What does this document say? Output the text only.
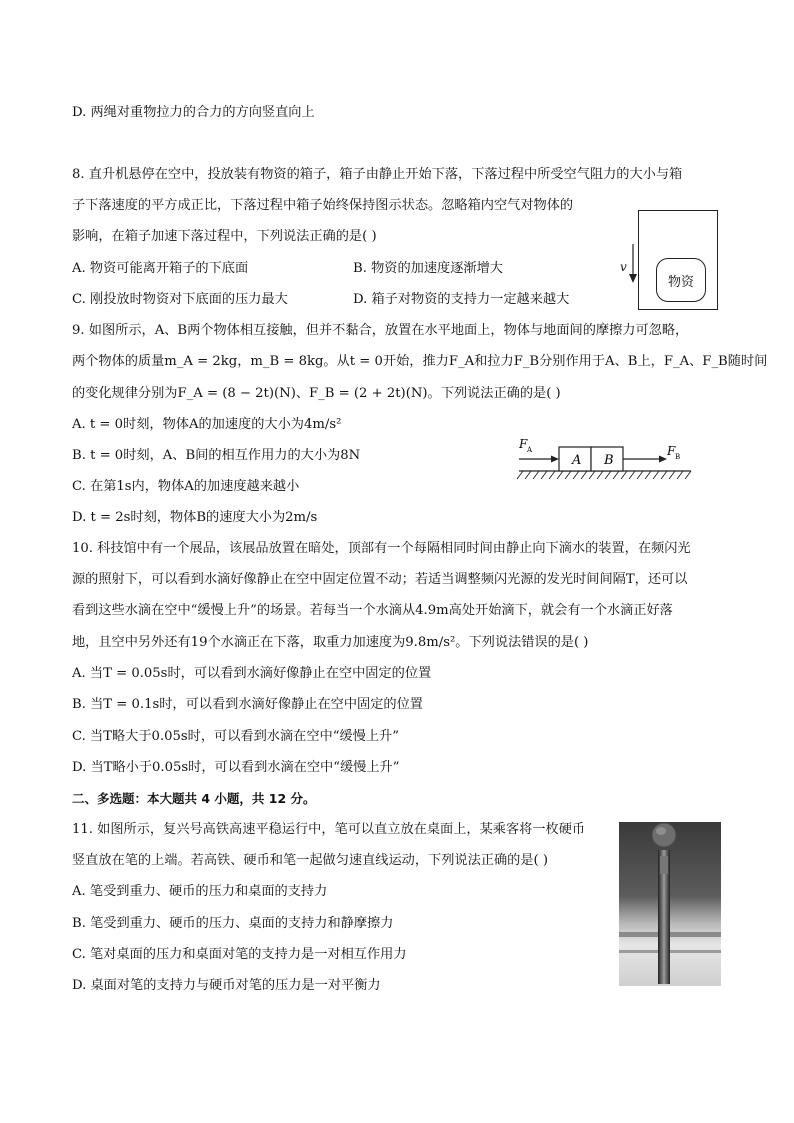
D. 两绳对重物拉力的合力的方向竖直向上
8. 直升机悬停在空中，投放装有物资的箱子，箱子由静止开始下落，下落过程中所受空气阻力的大小与箱
子下落速度的平方成正比，下落过程中箱子始终保持图示状态。忽略箱内空气对物体的
影响，在箱子加速下落过程中，下列说法正确的是( )
A. 物资可能离开箱子的下底面	B. 物资的加速度逐渐增大
C. 刚投放时物资对下底面的压力最大	D. 箱子对物资的支持力一定越来越大
物资
v
9. 如图所示，A、B两个物体相互接触，但并不黏合，放置在水平地面上，物体与地面间的摩擦力可忽略，
两个物体的质量m_A = 2kg，m_B = 8kg。从t = 0开始，推力F_A和拉力F_B分别作用于A、B上，F_A、F_B随时间
的变化规律分别为F_A = (8 − 2t)(N)、F_B = (2 + 2t)(N)。下列说法正确的是( )
A. t = 0时刻，物体A的加速度的大小为4m/s²
B. t = 0时刻，A、B间的相互作用力的大小为8N
C. 在第1s内，物体A的加速度越来越小
D. t = 2s时刻，物体B的速度大小为2m/s
A B
F A	F B
10. 科技馆中有一个展品，该展品放置在暗处，顶部有一个每隔相同时间由静止向下滴水的装置，在频闪光
源的照射下，可以看到水滴好像静止在空中固定位置不动；若适当调整频闪光源的发光时间间隔T，还可以
看到这些水滴在空中“缓慢上升”的场景。若每当一个水滴从4.9m高处开始滴下，就会有一个水滴正好落
地，且空中另外还有19个水滴正在下落，取重力加速度为9.8m/s²。下列说法错误的是( )
A. 当T = 0.05s时，可以看到水滴好像静止在空中固定的位置
B. 当T = 0.1s时，可以看到水滴好像静止在空中固定的位置
C. 当T略大于0.05s时，可以看到水滴在空中“缓慢上升”
D. 当T略小于0.05s时，可以看到水滴在空中“缓慢上升”
二、多选题：本大题共 4 小题，共 12 分。
11. 如图所示，复兴号高铁高速平稳运行中，笔可以直立放在桌面上，某乘客将一枚硬币
竖直放在笔的上端。若高铁、硬币和笔一起做匀速直线运动，下列说法正确的是( )
A. 笔受到重力、硬币的压力和桌面的支持力
B. 笔受到重力、硬币的压力、桌面的支持力和静摩擦力
C. 笔对桌面的压力和桌面对笔的支持力是一对相互作用力
D. 桌面对笔的支持力与硬币对笔的压力是一对平衡力
